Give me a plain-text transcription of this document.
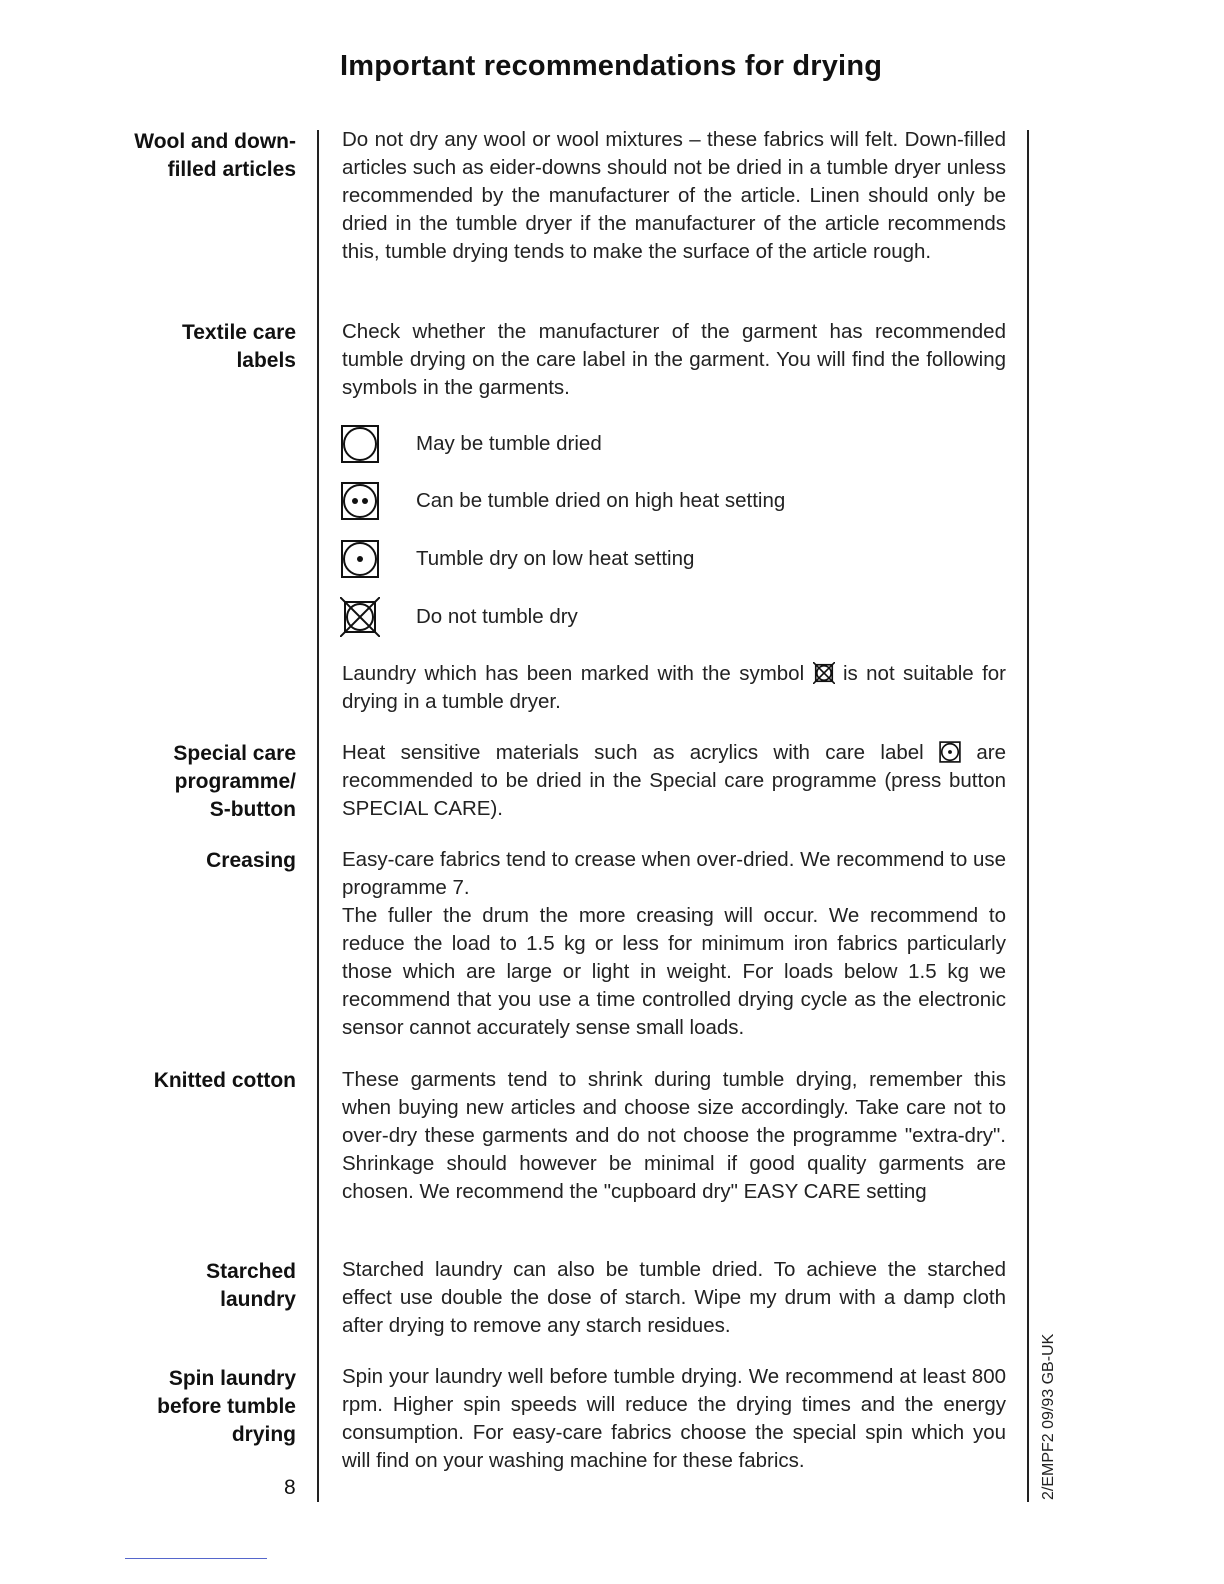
Important recommendations for drying
Wool and down-
filled articles
Do not dry any wool or wool mixtures – these fabrics will felt. Down-filled articles such as eider-downs should not be dried in a tumble dryer unless recommended by the manufacturer of the article. Linen should only be dried in the tumble dryer if the manufacturer of the article recommends this, tumble drying tends to make the surface of the article rough.
Textile care
labels
Check whether the manufacturer of the garment has recommended tumble drying on the care label in the garment. You will find the following symbols in the garments.
May be tumble dried
Can be tumble dried on high heat setting
Tumble dry on low heat setting
Do not tumble dry
Laundry which has been marked with the symbol is not suitable for drying in a tumble dryer.
Special care
programme/
S-button
Heat sensitive materials such as acrylics with care label	are recommended to be dried in the Special care programme (press button SPECIAL CARE).
Creasing Easy-care fabrics tend to crease when over-dried. We recommend to use programme 7.

The fuller the drum the more creasing will occur. We recommend to reduce the load to 1.5 kg or less for minimum iron fabrics particularly those which are large or light in weight. For loads below 1.5 kg we recommend that you use a time controlled drying cycle as the electronic sensor cannot accurately sense small loads.

Knitted cotton These garments tend to shrink during tumble drying, remember this when buying new articles and choose size accordingly. Take care not to over-dry these garments and do not choose the programme "extra-dry". Shrinkage should however be minimal if good quality garments are chosen. We recommend the "cupboard dry" EASY CARE setting
Starched
laundry
Starched laundry can also be tumble dried. To achieve the starched effect use double the dose of starch. Wipe my drum with a damp cloth after drying to remove any starch residues.
Spin laundry
before tumble
drying
Spin your laundry well before tumble drying. We recommend at least 800 rpm. Higher spin speeds will reduce the drying times and the energy consumption. For easy-care fabrics choose the special spin which you will find on your washing machine for these fabrics.
8	2/EMPF2 09/93 GB-UK
